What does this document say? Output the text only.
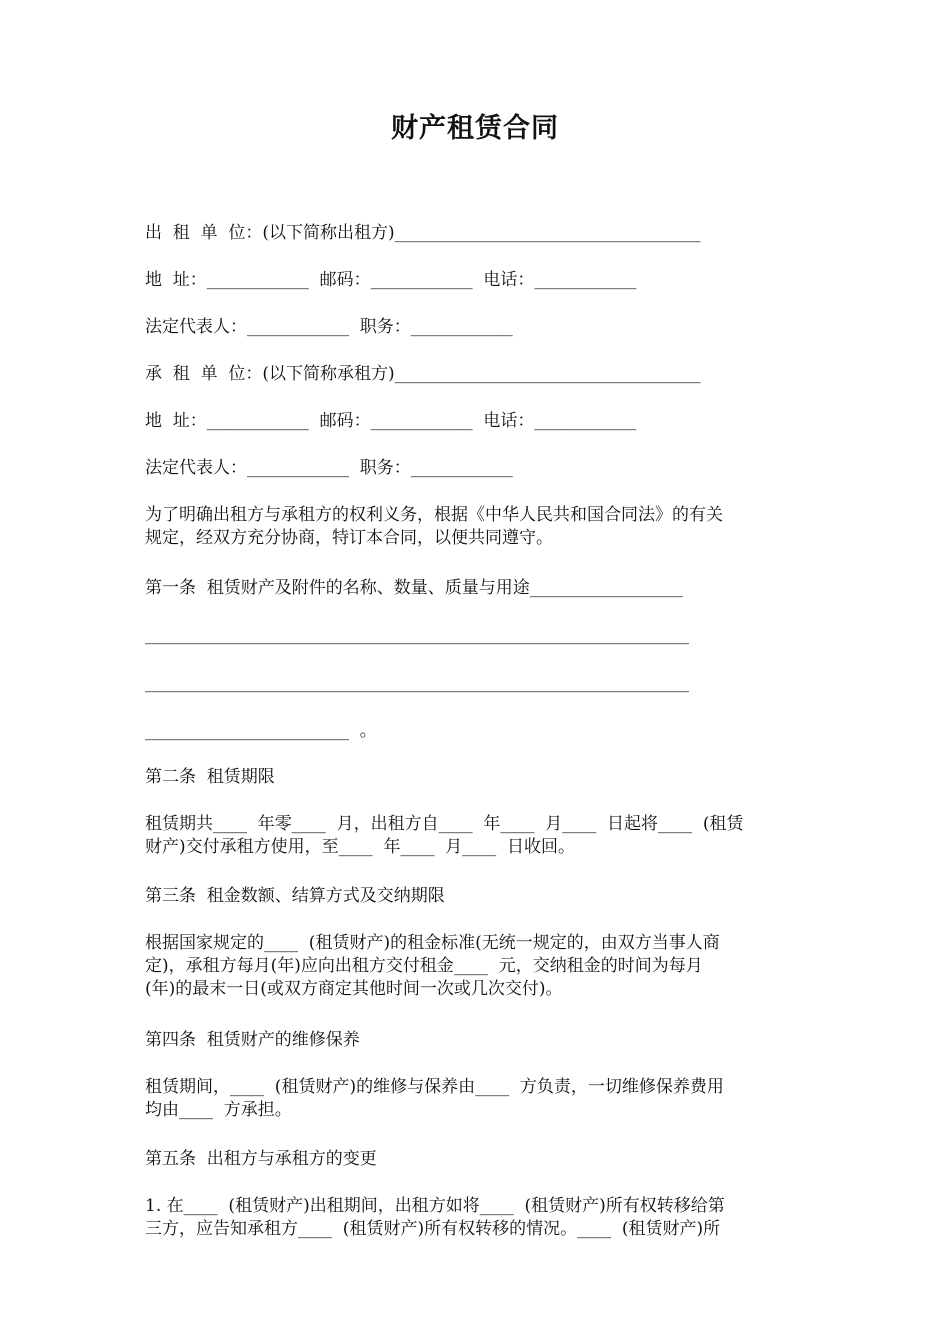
财产租赁合同
出  租  单  位：(以下简称出租方)____________________________________
地  址：____________  邮码：____________  电话：____________
法定代表人：____________  职务：____________
承  租  单  位：(以下简称承租方)____________________________________
地  址：____________  邮码：____________  电话：____________
法定代表人：____________  职务：____________
为了明确出租方与承租方的权利义务，根据《中华人民共和国合同法》的有关
规定，经双方充分协商，特订本合同，以便共同遵守。
第一条  租赁财产及附件的名称、数量、质量与用途__________________
________________________________________________________________
________________________________________________________________
________________________  。
第二条  租赁期限
租赁期共____  年零____  月，出租方自____  年____  月____  日起将____  (租赁
财产)交付承租方使用，至____  年____  月____  日收回。
第三条  租金数额、结算方式及交纳期限
根据国家规定的____  (租赁财产)的租金标准(无统一规定的，由双方当事人商
定)，承租方每月(年)应向出租方交付租金____  元，交纳租金的时间为每月
(年)的最末一日(或双方商定其他时间一次或几次交付)。
第四条  租赁财产的维修保养
租赁期间，____  (租赁财产)的维修与保养由____  方负责，一切维修保养费用
均由____  方承担。
第五条  出租方与承租方的变更
1. 在____  (租赁财产)出租期间，出租方如将____  (租赁财产)所有权转移给第
三方，应告知承租方____  (租赁财产)所有权转移的情况。____  (租赁财产)所
